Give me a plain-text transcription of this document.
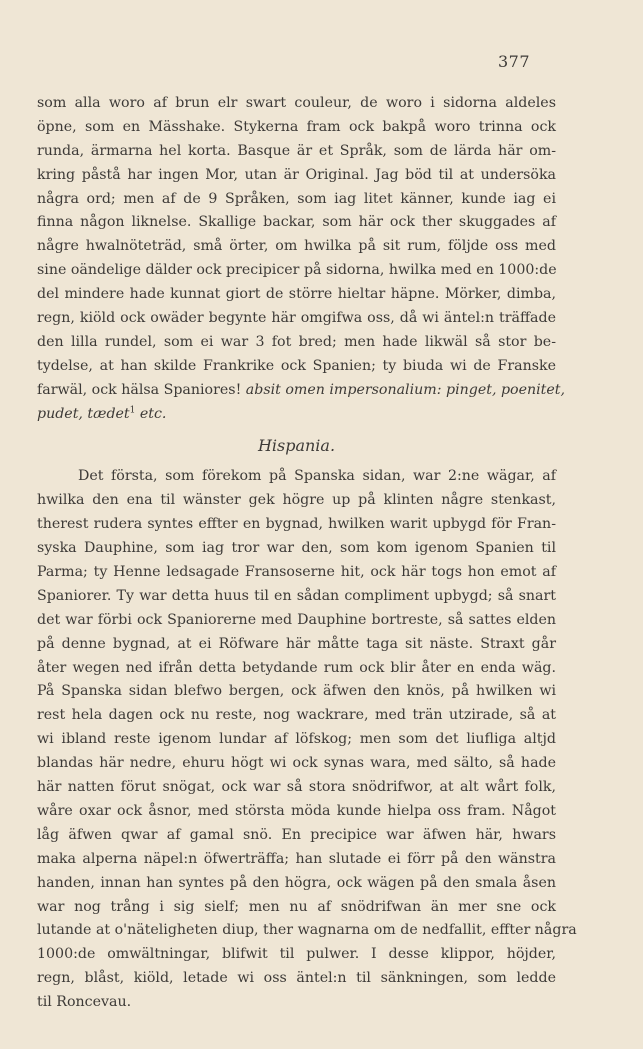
377
som alla woro af brun elr swart couleur, de woro i sidorna aldeles
öpne, som en Mässhake. Stykerna fram ock bakpå woro trinna ock
runda, ärmarna hel korta. Basque är et Språk, som de lärda här om-
kring påstå har ingen Mor, utan är Original. Jag böd til at undersöka
några ord; men af de 9 Språken, som iag litet känner, kunde iag ei
finna någon liknelse. Skallige backar, som här ock ther skuggades af
någre hwalnöteträd, små örter, om hwilka på sit rum, följde oss med
sine oändelige dälder ock precipicer på sidorna, hwilka med en 1000:de
del mindere hade kunnat giort de större hieltar häpne. Mörker, dimba,
regn, kiöld ock owäder begynte här omgifwa oss, då wi äntel:n träffade
den lilla rundel, som ei war 3 fot bred; men hade likwäl så stor be-
tydelse, at han skilde Frankrike ock Spanien; ty biuda wi de Franske
farwäl, ock hälsa Spaniores! absit omen impersonalium: pinget, poenitet,
pudet, tædet$^1$ etc.
Hispania.
Det första, som förekom på Spanska sidan, war 2:ne wägar, af
hwilka den ena til wänster gek högre up på klinten någre stenkast,
therest rudera syntes effter en bygnad, hwilken warit upbygd för Fran-
syska Dauphine, som iag tror war den, som kom igenom Spanien til
Parma; ty Henne ledsagade Fransoserne hit, ock här togs hon emot af
Spaniorer. Ty war detta huus til en sådan compliment upbygd; så snart
det war förbi ock Spaniorerne med Dauphine bortreste, så sattes elden
på denne bygnad, at ei Röfware här måtte taga sit näste. Straxt går
åter wegen ned ifrån detta betydande rum ock blir åter en enda wäg.
På Spanska sidan blefwo bergen, ock äfwen den knös, på hwilken wi
rest hela dagen ock nu reste, nog wackrare, med trän utzirade, så at
wi ibland reste igenom lundar af löfskog; men som det liufliga altjd
blandas här nedre, ehuru högt wi ock synas wara, med sälto, så hade
här natten förut snögat, ock war så stora snödrifwor, at alt wårt folk,
wåre oxar ock åsnor, med största möda kunde hielpa oss fram. Något
låg äfwen qwar af gamal snö. En precipice war äfwen här, hwars
maka alperna näpel:n öfwerträffa; han slutade ei förr på den wänstra
handen, innan han syntes på den högra, ock wägen på den smala åsen
war nog trång i sig sielf; men nu af snödrifwan än mer sne ock
lutande at o'näteligheten diup, ther wagnarna om de nedfallit, effter några
1000:de omwältningar, blifwit til pulwer. I desse klippor, höjder,
regn, blåst, kiöld, letade wi oss äntel:n til sänkningen, som ledde
til Roncevau.
